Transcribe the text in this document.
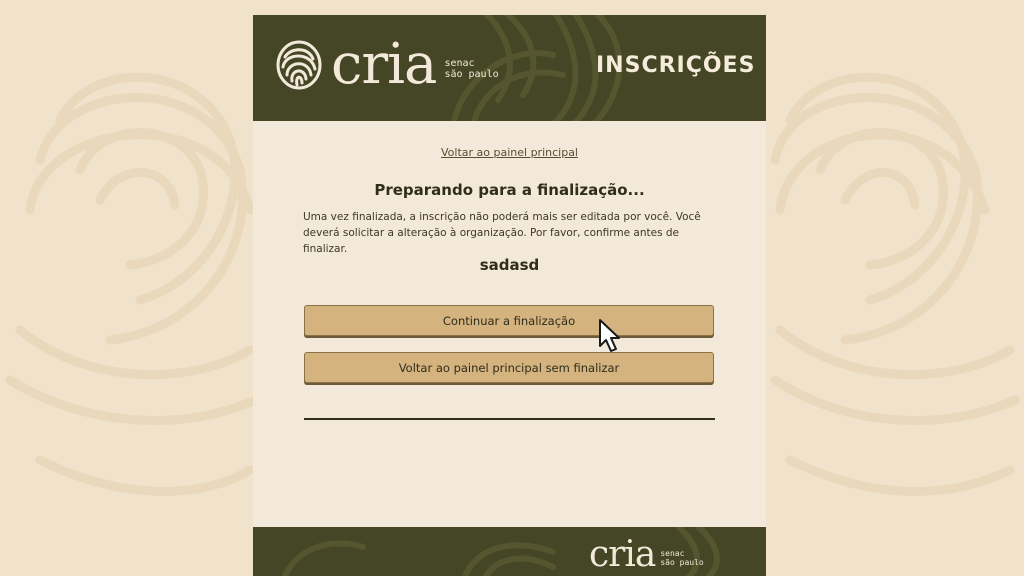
cria senac
são paulo	INSCRIÇÕES
Voltar ao painel principal
Preparando para a finalização...
Uma vez finalizada, a inscrição não poderá mais ser editada por você. Você deverá solicitar a alteração à organização. Por favor, confirme antes de finalizar.
sadasd
Continuar a finalização
Voltar ao painel principal sem finalizar
cria senac
são paulo
